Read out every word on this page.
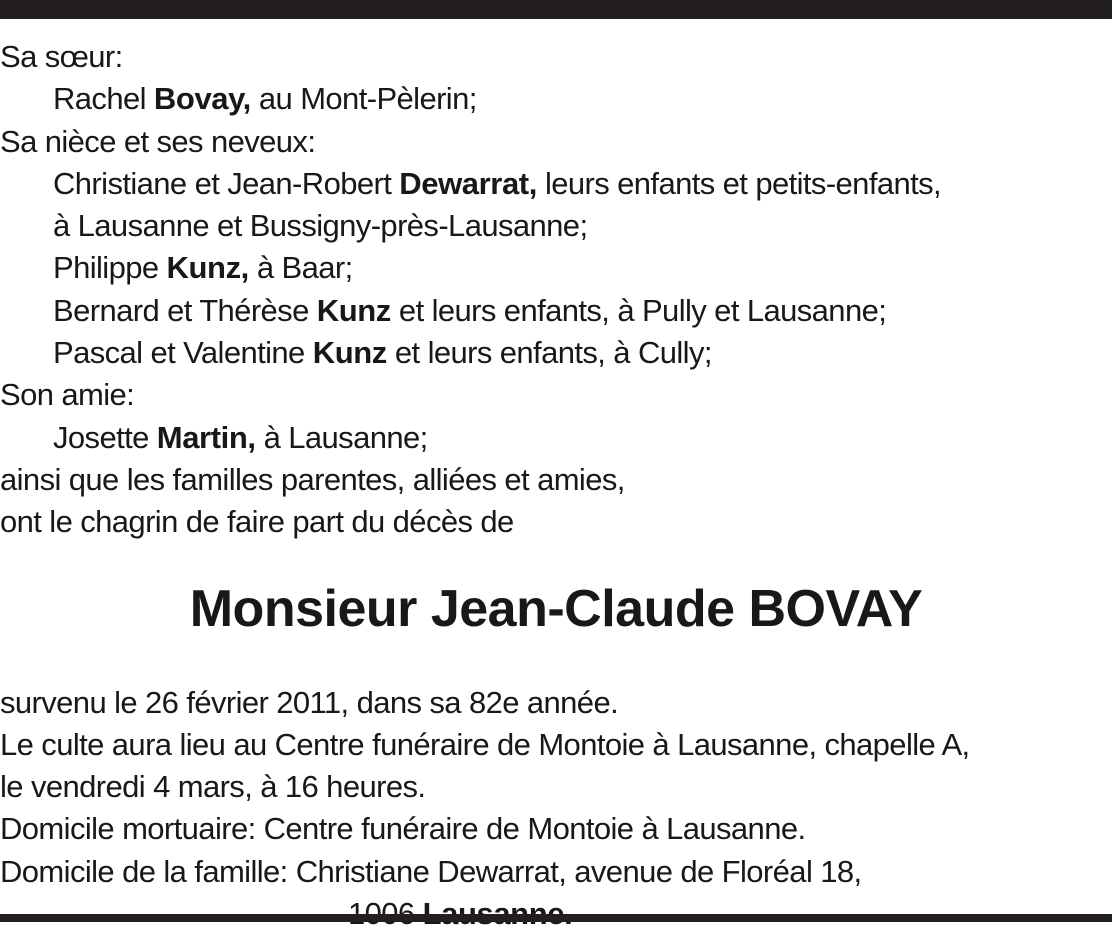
Sa sœur:
Rachel Bovay, au Mont-Pèlerin;
Sa nièce et ses neveux:
Christiane et Jean-Robert Dewarrat, leurs enfants et petits-enfants,
à Lausanne et Bussigny-près-Lausanne;
Philippe Kunz, à Baar;
Bernard et Thérèse Kunz et leurs enfants, à Pully et Lausanne;
Pascal et Valentine Kunz et leurs enfants, à Cully;
Son amie:
Josette Martin, à Lausanne;
ainsi que les familles parentes, alliées et amies,
ont le chagrin de faire part du décès de
Monsieur Jean-Claude BOVAY
survenu le 26 février 2011, dans sa 82e année.
Le culte aura lieu au Centre funéraire de Montoie à Lausanne, chapelle A,
le vendredi 4 mars, à 16 heures.
Domicile mortuaire: Centre funéraire de Montoie à Lausanne.
Domicile de la famille: Christiane Dewarrat, avenue de Floréal 18,
